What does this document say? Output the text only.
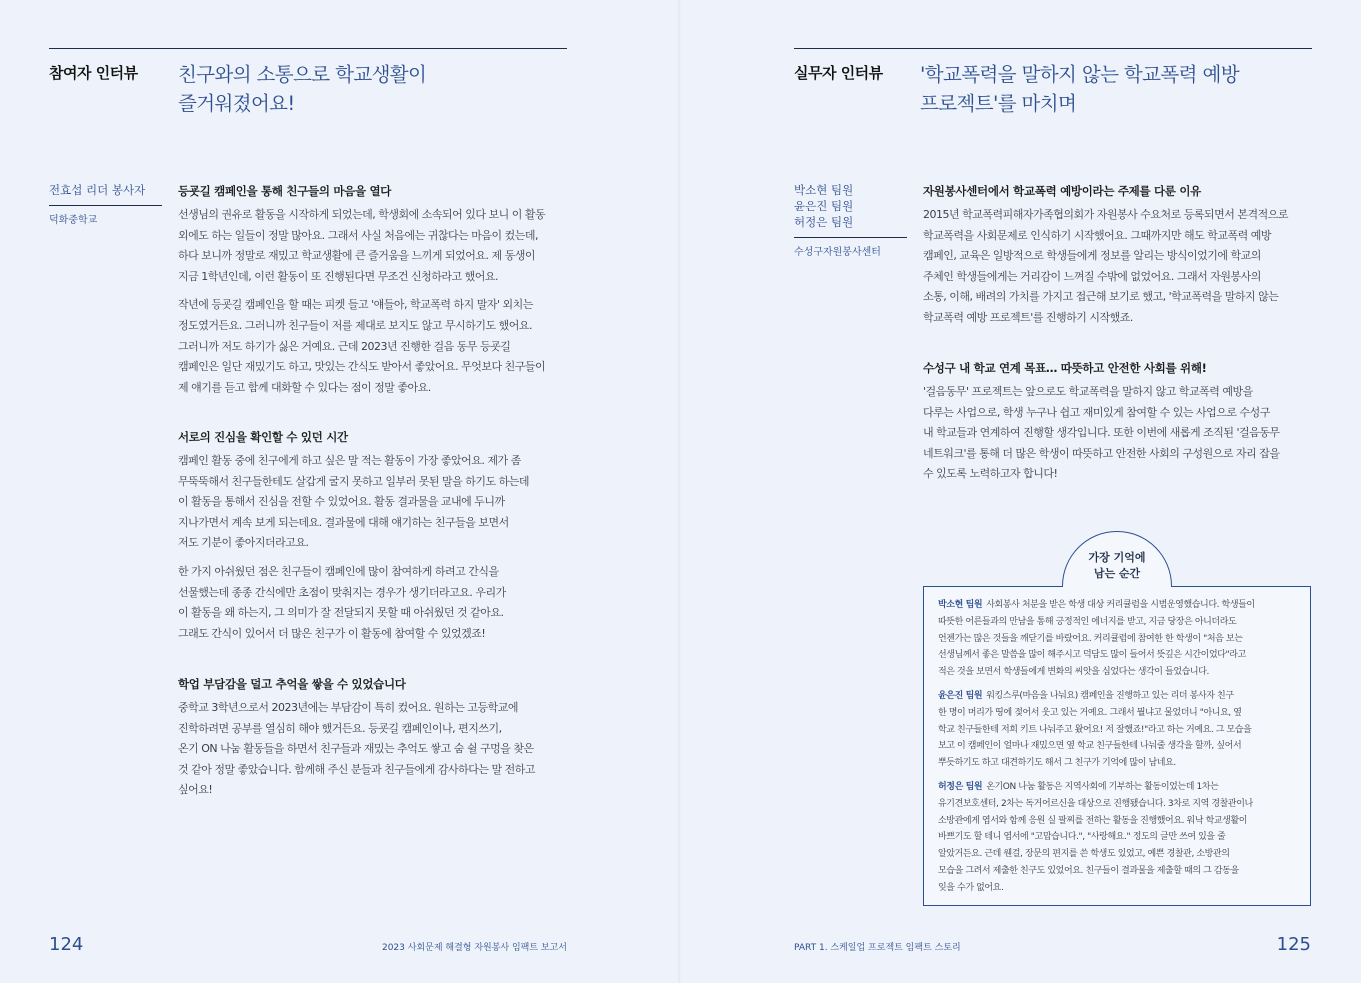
참여자 인터뷰 친구와의 소통으로 학교생활이
즐거워졌어요!
전효섭 리더 봉사자
덕화중학교
등굣길 캠페인을 통해 친구들의 마음을 열다
선생님의 권유로 활동을 시작하게 되었는데, 학생회에 소속되어 있다 보니 이 활동
외에도 하는 일들이 정말 많아요. 그래서 사실 처음에는 귀찮다는 마음이 컸는데,
하다 보니까 정말로 재밌고 학교생활에 큰 즐거움을 느끼게 되었어요. 제 동생이
지금 1학년인데, 이런 활동이 또 진행된다면 무조건 신청하라고 했어요.
작년에 등굣길 캠페인을 할 때는 피켓 들고 '얘들아, 학교폭력 하지 말자' 외치는
정도였거든요. 그러니까 친구들이 저를 제대로 보지도 않고 무시하기도 했어요.
그러니까 저도 하기가 싫은 거예요. 근데 2023년 진행한 걸음 동무 등굣길
캠페인은 일단 재밌기도 하고, 맛있는 간식도 받아서 좋았어요. 무엇보다 친구들이
제 얘기를 듣고 함께 대화할 수 있다는 점이 정말 좋아요.
서로의 진심을 확인할 수 있던 시간
캠페인 활동 중에 친구에게 하고 싶은 말 적는 활동이 가장 좋았어요. 제가 좀
무뚝뚝해서 친구들한테도 살갑게 굴지 못하고 일부러 못된 말을 하기도 하는데
이 활동을 통해서 진심을 전할 수 있었어요. 활동 결과물을 교내에 두니까
지나가면서 계속 보게 되는데요. 결과물에 대해 얘기하는 친구들을 보면서
저도 기분이 좋아지더라고요.
한 가지 아쉬웠던 점은 친구들이 캠페인에 많이 참여하게 하려고 간식을
선물했는데 종종 간식에만 초점이 맞춰지는 경우가 생기더라고요. 우리가
이 활동을 왜 하는지, 그 의미가 잘 전달되지 못할 때 아쉬웠던 것 같아요.
그래도 간식이 있어서 더 많은 친구가 이 활동에 참여할 수 있었겠죠!
학업 부담감을 덜고 추억을 쌓을 수 있었습니다
중학교 3학년으로서 2023년에는 부담감이 특히 컸어요. 원하는 고등학교에
진학하려면 공부를 열심히 해야 했거든요. 등굣길 캠페인이나, 편지쓰기,
온기 ON 나눔 활동들을 하면서 친구들과 재밌는 추억도 쌓고 숨 쉴 구멍을 찾은
것 같아 정말 좋았습니다. 함께해 주신 분들과 친구들에게 감사하다는 말 전하고
싶어요!
124	2023 사회문제 해결형 자원봉사 임팩트 보고서
실무자 인터뷰 '학교폭력을 말하지 않는 학교폭력 예방
프로젝트'를 마치며
박소현 팀원
윤은진 팀원
허정은 팀원
수성구자원봉사센터
자원봉사센터에서 학교폭력 예방이라는 주제를 다룬 이유
2015년 학교폭력피해자가족협의회가 자원봉사 수요처로 등록되면서 본격적으로
학교폭력을 사회문제로 인식하기 시작했어요. 그때까지만 해도 학교폭력 예방
캠페인, 교육은 일방적으로 학생들에게 정보를 알리는 방식이었기에 학교의
주체인 학생들에게는 거리감이 느껴질 수밖에 없었어요. 그래서 자원봉사의
소통, 이해, 배려의 가치를 가지고 접근해 보기로 했고, '학교폭력을 말하지 않는
학교폭력 예방 프로젝트'를 진행하기 시작했죠.
수성구 내 학교 연계 목표… 따뜻하고 안전한 사회를 위해!
'걸음동무' 프로젝트는 앞으로도 학교폭력을 말하지 않고 학교폭력 예방을
다루는 사업으로, 학생 누구나 쉽고 재미있게 참여할 수 있는 사업으로 수성구
내 학교들과 연계하여 진행할 생각입니다. 또한 이번에 새롭게 조직된 '걸음동무
네트워크'를 통해 더 많은 학생이 따뜻하고 안전한 사회의 구성원으로 자리 잡을
수 있도록 노력하고자 합니다!
가장 기억에
남는 순간
박소현 팀원 사회봉사 처분을 받은 학생 대상 커리큘럼을 시범운영했습니다. 학생들이
따뜻한 어른들과의 만남을 통해 긍정적인 에너지를 받고, 지금 당장은 아니더라도
언젠가는 많은 것들을 깨닫기를 바랐어요. 커리큘럼에 참여한 한 학생이 "처음 보는
선생님께서 좋은 말씀을 많이 해주시고 덕담도 많이 들어서 뜻깊은 시간이었다"라고
적은 것을 보면서 학생들에게 변화의 씨앗을 심었다는 생각이 들었습니다.
윤은진 팀원 워킹스루(마음을 나눠요) 캠페인을 진행하고 있는 리더 봉사자 친구
한 명이 머리가 띵에 젖어서 웃고 있는 거예요. 그래서 뭘냐고 물었더니 "아니요, 옆
학교 친구들한테 저희 키트 나눠주고 왔어요! 저 잘했죠!"라고 하는 거예요. 그 모습을
보고 이 캠페인이 얼마나 재밌으면 옆 학교 친구들한테 나눠줄 생각을 할까, 싶어서
뿌듯하기도 하고 대견하기도 해서 그 친구가 기억에 많이 남네요.
허정은 팀원 온기ON 나눔 활동은 지역사회에 기부하는 활동이었는데 1차는
유기견보호센터, 2차는 독거어르신을 대상으로 진행됐습니다. 3차로 지역 경찰관이나
소방관에게 엽서와 함께 응원 실 팔찌를 전하는 활동을 진행했어요. 워낙 학교생활이
바쁘기도 할 테니 엽서에 "고맙습니다.", "사랑해요." 정도의 글만 쓰여 있을 줄
알았거든요. 근데 웬걸, 장문의 편지를 쓴 학생도 있었고, 예쁜 경찰관, 소방관의
모습을 그려서 제출한 친구도 있었어요. 친구들이 결과물을 제출할 때의 그 감동을
잊을 수가 없어요.
PART 1. 스케일업 프로젝트 임팩트 스토리	125
